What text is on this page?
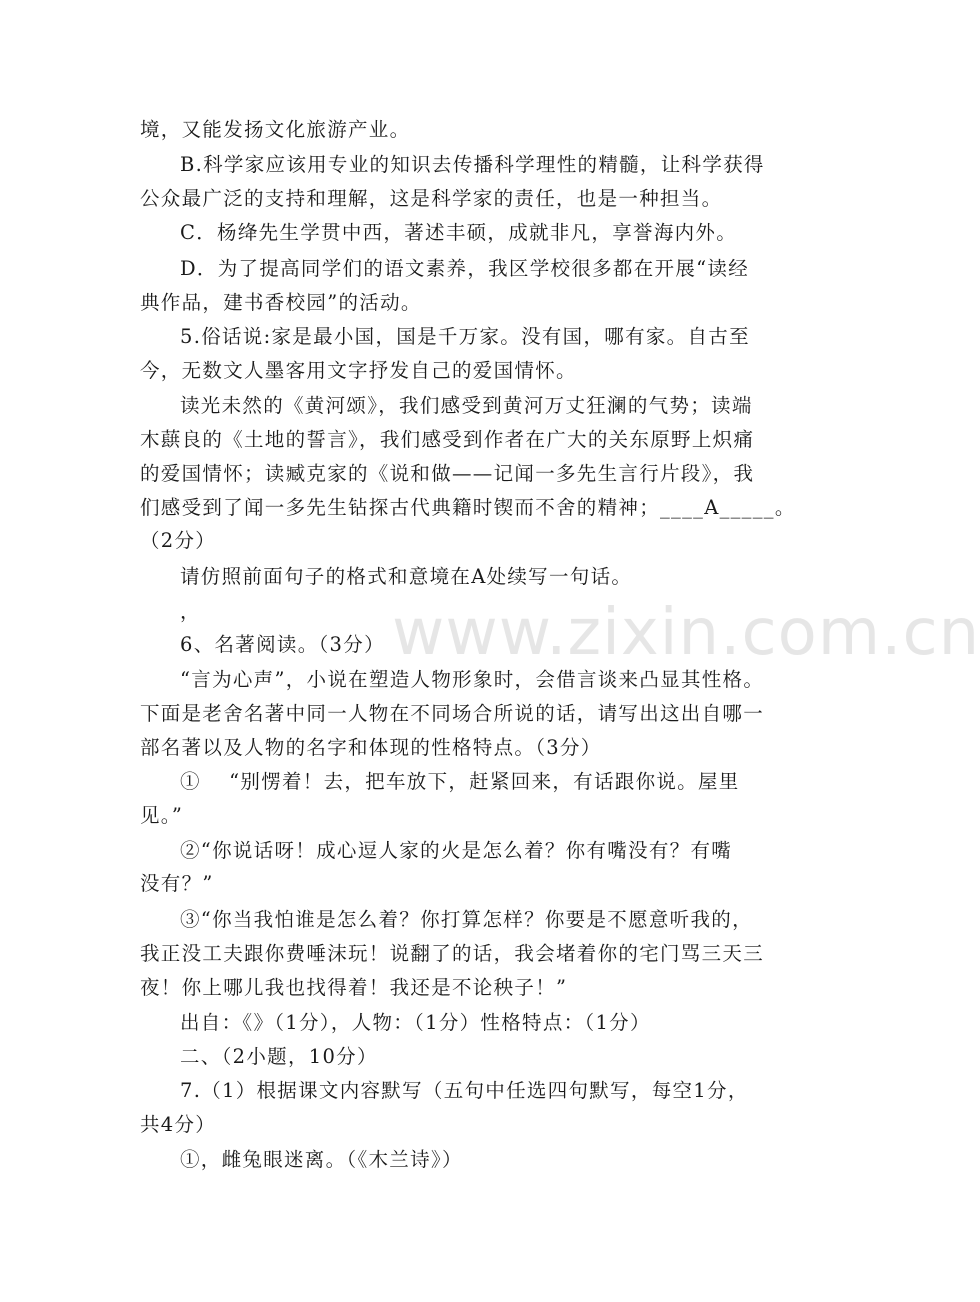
www.zixin.com.cn
境，又能发扬文化旅游产业。
B.科学家应该用专业的知识去传播科学理性的精髓，让科学获得
公众最广泛的支持和理解，这是科学家的责任，也是一种担当。
C．杨绛先生学贯中西，著述丰硕，成就非凡，享誉海内外。
D．为了提高同学们的语文素养，我区学校很多都在开展“读经
典作品，建书香校园”的活动。
5.俗话说:家是最小国，国是千万家。没有国，哪有家。自古至
今，无数文人墨客用文字抒发自己的爱国情怀。
读光未然的《黄河颂》，我们感受到黄河万丈狂澜的气势；读端
木蕻良的《土地的誓言》，我们感受到作者在广大的关东原野上炽痛
的爱国情怀；读臧克家的《说和做——记闻一多先生言行片段》，我
们感受到了闻一多先生钻探古代典籍时锲而不舍的精神；____A_____。
（2分）
请仿照前面句子的格式和意境在A处续写一句话。
，
6、名著阅读。（3分）
“言为心声”，小说在塑造人物形象时，会借言谈来凸显其性格。
下面是老舍名著中同一人物在不同场合所说的话，请写出这出自哪一
部名著以及人物的名字和体现的性格特点。（3分）
①　 “别愣着！去，把车放下，赶紧回来，有话跟你说。屋里
见。”
②“你说话呀！成心逗人家的火是怎么着？你有嘴没有？有嘴
没有？”
③“你当我怕谁是怎么着？你打算怎样？你要是不愿意听我的，
我正没工夫跟你费唾沫玩！说翻了的话，我会堵着你的宅门骂三天三
夜！你上哪儿我也找得着！我还是不论秧子！”
出自：《》（1分），人物：（1分）性格特点：（1分）
二、（2小题，10分）
7.（1）根据课文内容默写（五句中任选四句默写，每空1分，
共4分）
①，雌兔眼迷离。（《木兰诗》）
